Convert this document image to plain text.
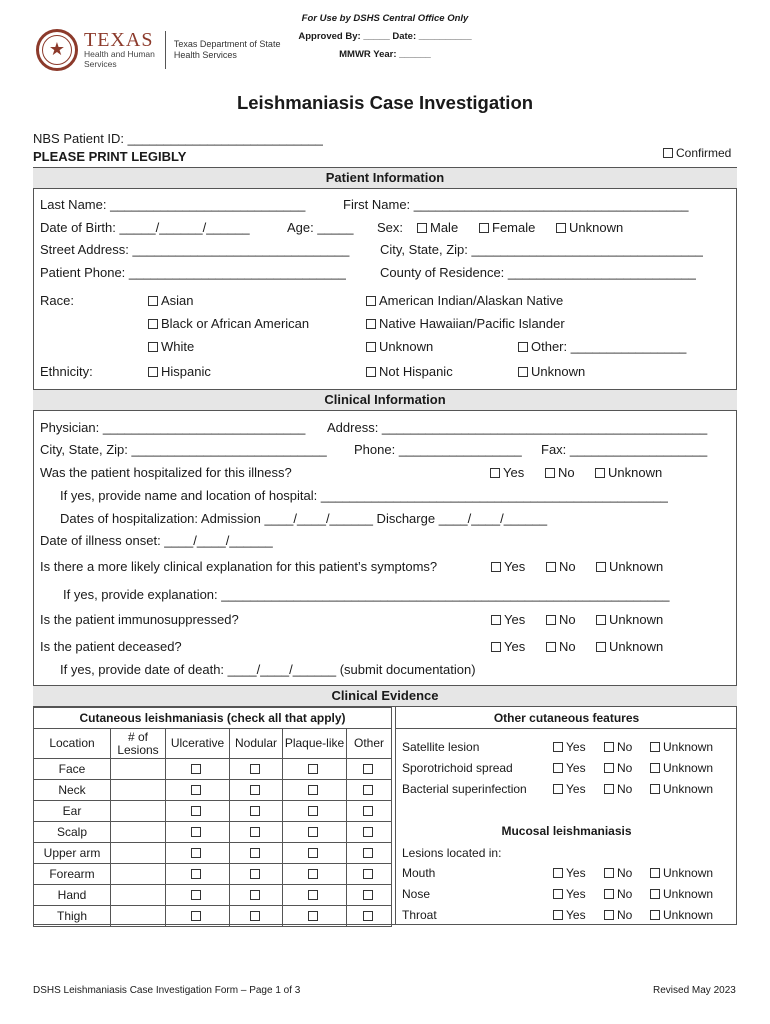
★ TEXAS
Health and Human
Services
Texas Department of State
Health Services
For Use by DSHS Central Office Only
Approved By: _____ Date: __________
MMWR Year: ______
Leishmaniasis Case Investigation
NBS Patient ID: ___________________________
PLEASE PRINT LEGIBLY	Confirmed
Patient Information
Last Name: ___________________________	First Name: ______________________________________
Date of Birth: _____/______/______	Age: _____ Sex:	Male	Female	Unknown
Street Address: ______________________________ City, State, Zip: ________________________________
Patient Phone: ______________________________	County of Residence: __________________________
Race:	Asian	American Indian/Alaskan Native
Black or African American	Native Hawaiian/Pacific Islander
White	Unknown	Other: ________________
Ethnicity:	Hispanic	Not Hispanic	Unknown
Clinical Information
Physician: ____________________________ Address: _____________________________________________
City, State, Zip: ___________________________ Phone: _________________ Fax: ___________________
Was the patient hospitalized for this illness?	Yes	No	Unknown
If yes, provide name and location of hospital: ________________________________________________
Dates of hospitalization: Admission ____/____/______ Discharge ____/____/______
Date of illness onset: ____/____/______
Is there a more likely clinical explanation for this patient’s symptoms?	Yes	No	Unknown
If yes, provide explanation: ______________________________________________________________
Is the patient immunosuppressed?	Yes	No	Unknown
Is the patient deceased?	Yes	No	Unknown
If yes, provide date of death: ____/____/______ (submit documentation)
Clinical Evidence
Cutaneous leishmaniasis (check all that apply)					
Location	# of Lesions	Ulcerative	Nodular	Plaque-like	Other
Face					
Neck					
Ear					
Scalp					
Upper arm					
Forearm					
Hand					
Thigh					
Other cutaneous features
Satellite lesion	Yes	No	Unknown
Sporotrichoid spread	Yes	No	Unknown
Bacterial superinfection	Yes	No	Unknown
Mucosal leishmaniasis
Lesions located in:
Mouth	Yes	No	Unknown
Nose	Yes	No	Unknown
Throat	Yes	No	Unknown
DSHS Leishmaniasis Case Investigation Form – Page 1 of 3	Revised May 2023
